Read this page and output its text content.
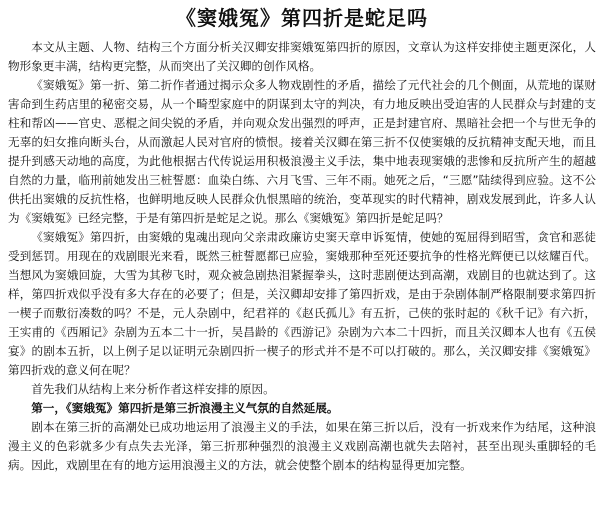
《窦娥冤》第四折是蛇足吗

本文从主题、人物、结构三个方面分析关汉卿安排窦娥冤第四折的原因，文章认为这样安排使主题更深化，人物形象更丰满，结构更完整，从而突出了关汉卿的创作风格。

《窦娥冤》第一折、第二折作者通过揭示众多人物戏剧性的矛盾，描绘了元代社会的几个侧面，从荒地的谋财害命到生药店里的秘密交易，从一个畸型家庭中的阴谋到太守的判决，有力地反映出受迫害的人民群众与封建的支柱和帮凶——官史、恶棍之间尖锐的矛盾，并向观众发出强烈的呼声，正是封建官府、黑暗社会把一个与世无争的无辜的妇女推向断头台，从而激起人民对官府的愤恨。接着关汉卿在第三折不仅使窦娥的反抗精神支配天地，而且提升到感天动地的高度，为此他根据古代传说运用积极浪漫主义手法，集中地表现窦娥的悲惨和反抗所产生的超越自然的力量，临刑前她发出三桩誓愿：血染白练、六月飞雪、三年不雨。她死之后，“三愿”陆续得到应验。这不公供托出窦娥的反抗性格，也鲜明地反映人民群众仇恨黑暗的统治，变革现实的时代精神，剧戏发展到此，许多人认为《窦娥冤》已经完整，于是有第四折是蛇足之说。那么《窦娥冤》第四折是蛇足吗？

《窦娥冤》第四折，由窦娥的鬼魂出现向父亲肃政廉访史窦天章申诉冤情，使她的冤屈得到昭雪，贪官和恶徒受到惩罚。用现在的戏剧眼光来看，既然三桩誓愿都已应验，窦娥那种至死还要抗争的性格光辉便已以炫耀百代。当想风为窦娥回旋，大雪为其秽飞时，观众被急剧热泪紧握拳头，这时悲剧便达到高潮，戏剧目的也就达到了。这样，第四折戏似乎没有多大存在的必要了；但是，关汉卿却安排了第四折戏，是由于杂剧体制严格限制要求第四折一楔子而敷衍凑数的吗？不是，元人杂剧中，纪君祥的《赵氏孤儿》有五折，己侠的张时起的《秋千记》有六折，王实甫的《西厢记》杂剧为五本二十一折，吴昌龄的《西游记》杂剧为六本二十四折，而且关汉卿本人也有《五侯宴》的剧本五折，以上例子足以证明元杂剧四折一楔子的形式并不是不可以打破的。那么，关汉卿安排《窦娥冤》第四折戏的意义何在呢？

首先我们从结构上来分析作者这样安排的原因。

第一，《窦娥冤》第四折是第三折浪漫主义气氛的自然延展。

剧本在第三折的高潮处已成功地运用了浪漫主义的手法，如果在第三折以后，没有一折戏来作为结尾，这种浪漫主义的色彩就多少有点失去光泽，第三折那种强烈的浪漫主义戏剧高潮也就失去陪衬，甚至出现头重脚轻的毛病。因此，戏剧里在有的地方运用浪漫主义的方法，就会使整个剧本的结构显得更加完整。
